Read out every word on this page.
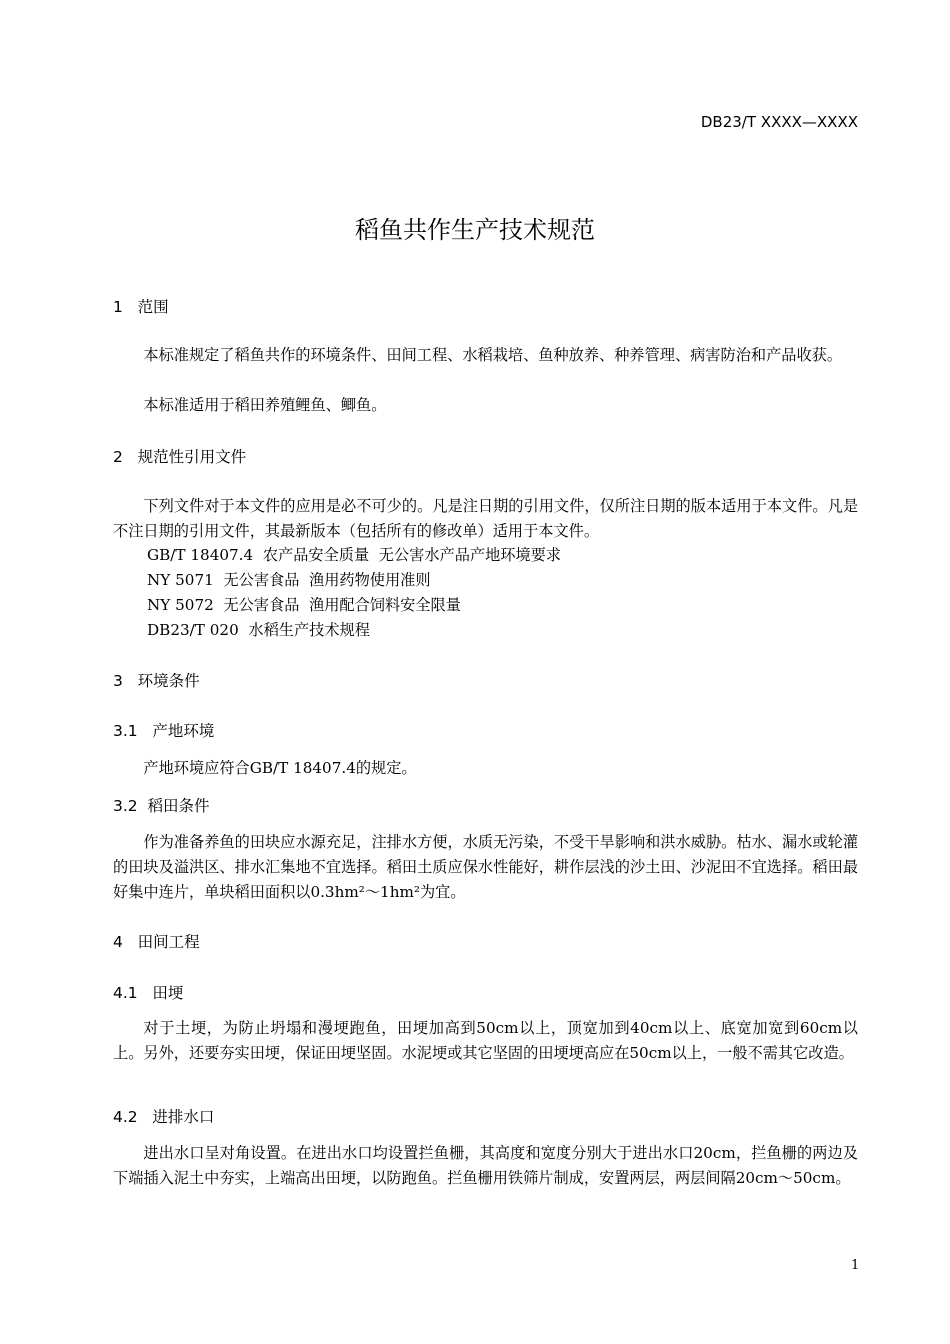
DB23/T XXXX—XXXX
稻鱼共作生产技术规范
1   范围
本标准规定了稻鱼共作的环境条件、田间工程、水稻栽培、鱼种放养、种养管理、病害防治和产品收获。
本标准适用于稻田养殖鲤鱼、鲫鱼。
2   规范性引用文件
下列文件对于本文件的应用是必不可少的。凡是注日期的引用文件，仅所注日期的版本适用于本文件。凡是不注日期的引用文件，其最新版本（包括所有的修改单）适用于本文件。
GB/T 18407.4  农产品安全质量  无公害水产品产地环境要求
NY 5071  无公害食品  渔用药物使用准则
NY 5072  无公害食品  渔用配合饲料安全限量
DB23/T 020  水稻生产技术规程
3   环境条件
3.1   产地环境
产地环境应符合GB/T 18407.4的规定。
3.2  稻田条件
作为准备养鱼的田块应水源充足，注排水方便，水质无污染，不受干旱影响和洪水威胁。枯水、漏水或轮灌的田块及溢洪区、排水汇集地不宜选择。稻田土质应保水性能好，耕作层浅的沙土田、沙泥田不宜选择。稻田最好集中连片，单块稻田面积以0.3hm²～1hm²为宜。
4   田间工程
4.1   田埂
对于土埂，为防止坍塌和漫埂跑鱼，田埂加高到50cm以上，顶宽加到40cm以上、底宽加宽到60cm以上。另外，还要夯实田埂，保证田埂坚固。水泥埂或其它坚固的田埂埂高应在50cm以上，一般不需其它改造。
4.2   进排水口
进出水口呈对角设置。在进出水口均设置拦鱼栅，其高度和宽度分别大于进出水口20cm，拦鱼栅的两边及下端插入泥土中夯实，上端高出田埂，以防跑鱼。拦鱼栅用铁筛片制成，安置两层，两层间隔20cm～50cm。
1
